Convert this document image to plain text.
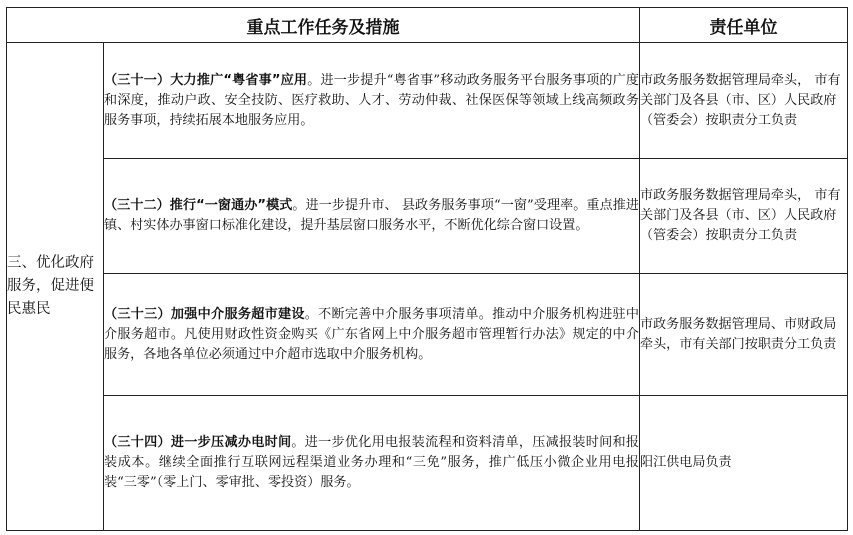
重点工作任务及措施		责任单位
三、优化政府服务，促进便民惠民	（三十一）大力推广“粤省事”应用。进一步提升“粤省事”移动政务服务平台服务事项的广度和深度，推动户政、安全技防、医疗救助、人才、劳动仲裁、社保医保等领域上线高频政务服务事项，持续拓展本地服务应用。	市政务服务数据管理局牵头， 市有关部门及各县（市、区）人民政府（管委会）按职责分工负责
	（三十二）推行“一窗通办”模式。进一步提升市、 县政务服务事项“一窗”受理率。重点推进镇、村实体办事窗口标准化建设，提升基层窗口服务水平，不断优化综合窗口设置。	市政务服务数据管理局牵头， 市有关部门及各县（市、区）人民政府（管委会）按职责分工负责
	（三十三）加强中介服务超市建设。不断完善中介服务事项清单。推动中介服务机构进驻中介服务超市。凡使用财政性资金购买《广东省网上中介服务超市管理暂行办法》规定的中介服务，各地各单位必须通过中介超市选取中介服务机构。	市政务服务数据管理局、市财政局牵头，市有关部门按职责分工负责
	（三十四）进一步压减办电时间。进一步优化用电报装流程和资料清单，压减报装时间和报装成本。继续全面推行互联网远程渠道业务办理和“三免”服务，推广低压小微企业用电报装“三零”（零上门、零审批、零投资）服务。	阳江供电局负责
